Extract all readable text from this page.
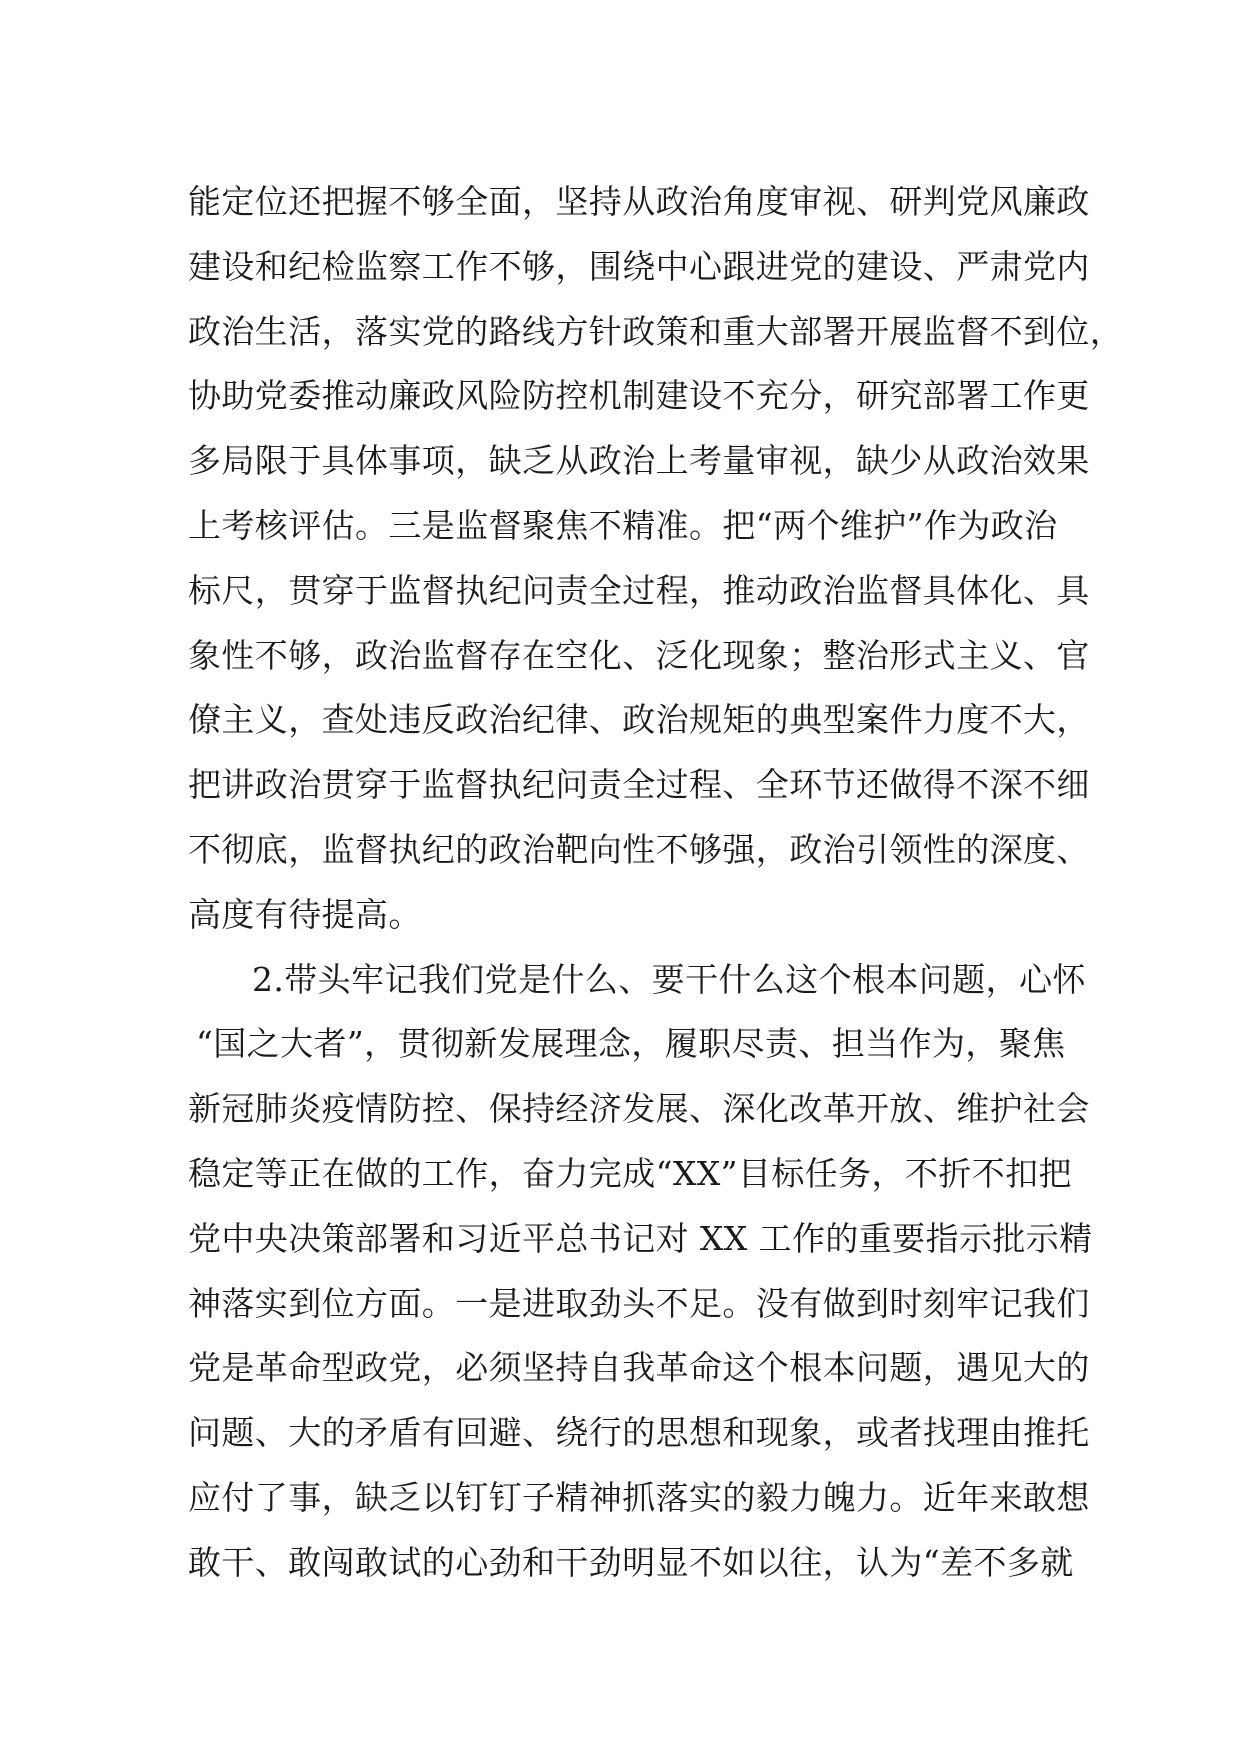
能定位还把握不够全面，坚持从政治角度审视、研判党风廉政
建设和纪检监察工作不够，围绕中心跟进党的建设、严肃党内
政治生活，落实党的路线方针政策和重大部署开展监督不到位，
协助党委推动廉政风险防控机制建设不充分，研究部署工作更
多局限于具体事项，缺乏从政治上考量审视，缺少从政治效果
上考核评估。三是监督聚焦不精准。把“两个维护”作为政治
标尺，贯穿于监督执纪问责全过程，推动政治监督具体化、具
象性不够，政治监督存在空化、泛化现象；整治形式主义、官
僚主义，查处违反政治纪律、政治规矩的典型案件力度不大，
把讲政治贯穿于监督执纪问责全过程、全环节还做得不深不细
不彻底，监督执纪的政治靶向性不够强，政治引领性的深度、
高度有待提高。
2.带头牢记我们党是什么、要干什么这个根本问题，心怀
“国之大者”，贯彻新发展理念，履职尽责、担当作为，聚焦
新冠肺炎疫情防控、保持经济发展、深化改革开放、维护社会
稳定等正在做的工作，奋力完成“XX”目标任务，不折不扣把
党中央决策部署和习近平总书记对 XX 工作的重要指示批示精
神落实到位方面。一是进取劲头不足。没有做到时刻牢记我们
党是革命型政党，必须坚持自我革命这个根本问题，遇见大的
问题、大的矛盾有回避、绕行的思想和现象，或者找理由推托
应付了事，缺乏以钉钉子精神抓落实的毅力魄力。近年来敢想
敢干、敢闯敢试的心劲和干劲明显不如以往，认为“差不多就
